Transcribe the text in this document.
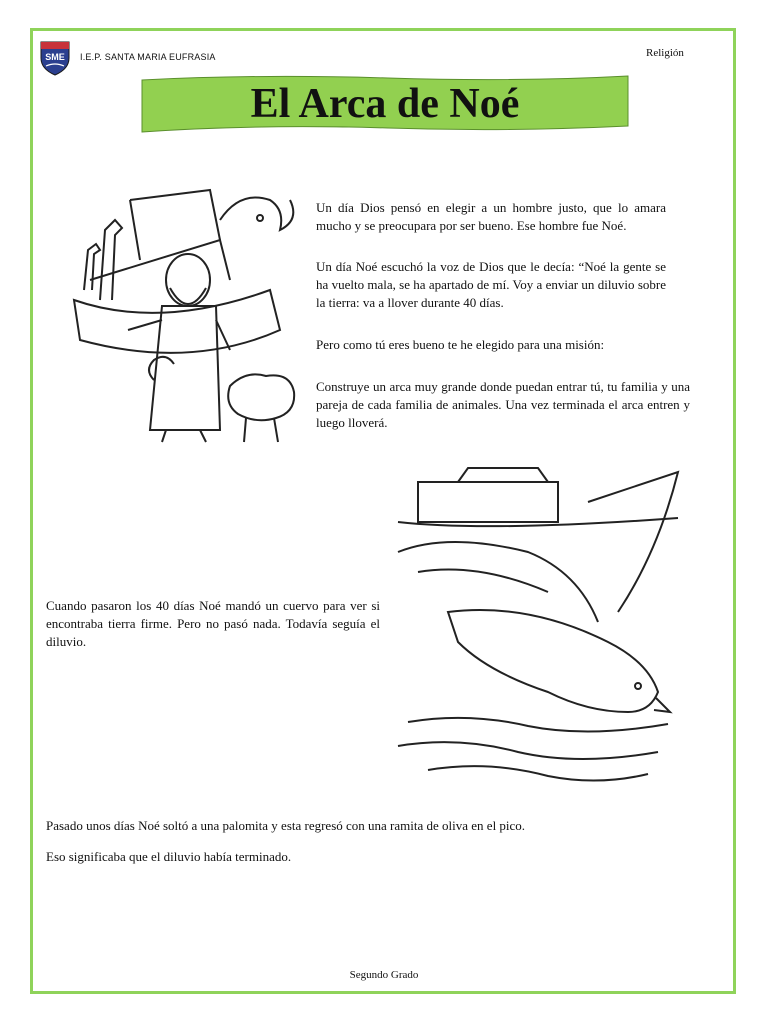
SME I.E.P. SANTA MARIA EUFRASIA	Religión
El Arca de Noé

Un día Dios pensó en elegir a un hombre justo, que lo amara mucho y se preocupara por ser bueno. Ese hombre fue Noé.

Un día Noé escuchó la voz de Dios que le decía: “Noé la gente se ha vuelto mala, se ha apartado de mí. Voy a enviar un diluvio sobre la tierra: va a llover durante 40 días.

Pero como tú eres bueno te he elegido para una misión:

Construye un arca muy grande donde puedan entrar tú, tu familia y una pareja de cada familia de animales. Una vez terminada el arca entren y luego lloverá.

Cuando pasaron los 40 días Noé mandó un cuervo para ver si encontraba tierra firme. Pero no pasó nada. Todavía seguía el diluvio.

Pasado unos días Noé soltó a una palomita y esta regresó con una ramita de oliva en el pico.

Eso significaba que el diluvio había terminado.

Segundo Grado
